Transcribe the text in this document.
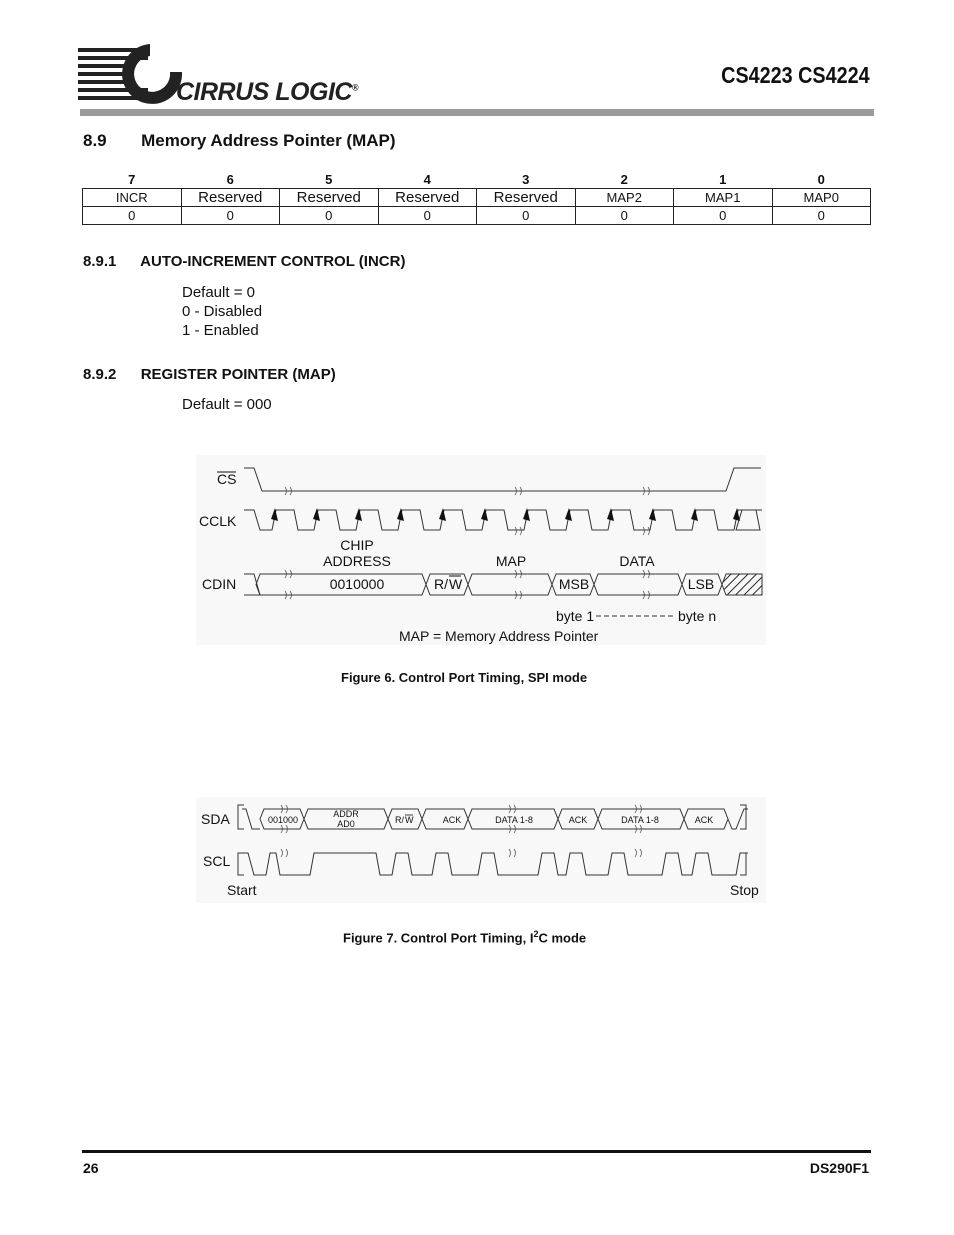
CIRRUS LOGIC®	CS4223 CS4224
8.9 Memory Address Pointer (MAP)
7	6	5	4	3	2	1	0
INCR	Reserved	Reserved	Reserved	Reserved	MAP2	MAP1	MAP0
0	0	0	0	0	0	0	0
8.9.1 AUTO-INCREMENT CONTROL (INCR)
Default = 0
0 - Disabled
1 - Enabled
8.9.2 REGISTER POINTER (MAP)
Default = 000
CS
CCLK
CDIN
CHIP
ADDRESS	MAP	DATA
0010000	R/ W	MSB	LSB
byte 1	byte n
MAP = Memory Address Pointer
Figure 6. Control Port Timing, SPI mode
SDA
SCL
001000
ADDR
AD0	R/ W	ACK	DATA 1-8	ACK	DATA 1-8	ACK
Start	Stop
Figure 7. Control Port Timing, $I^2C$ mode
26	DS290F1
